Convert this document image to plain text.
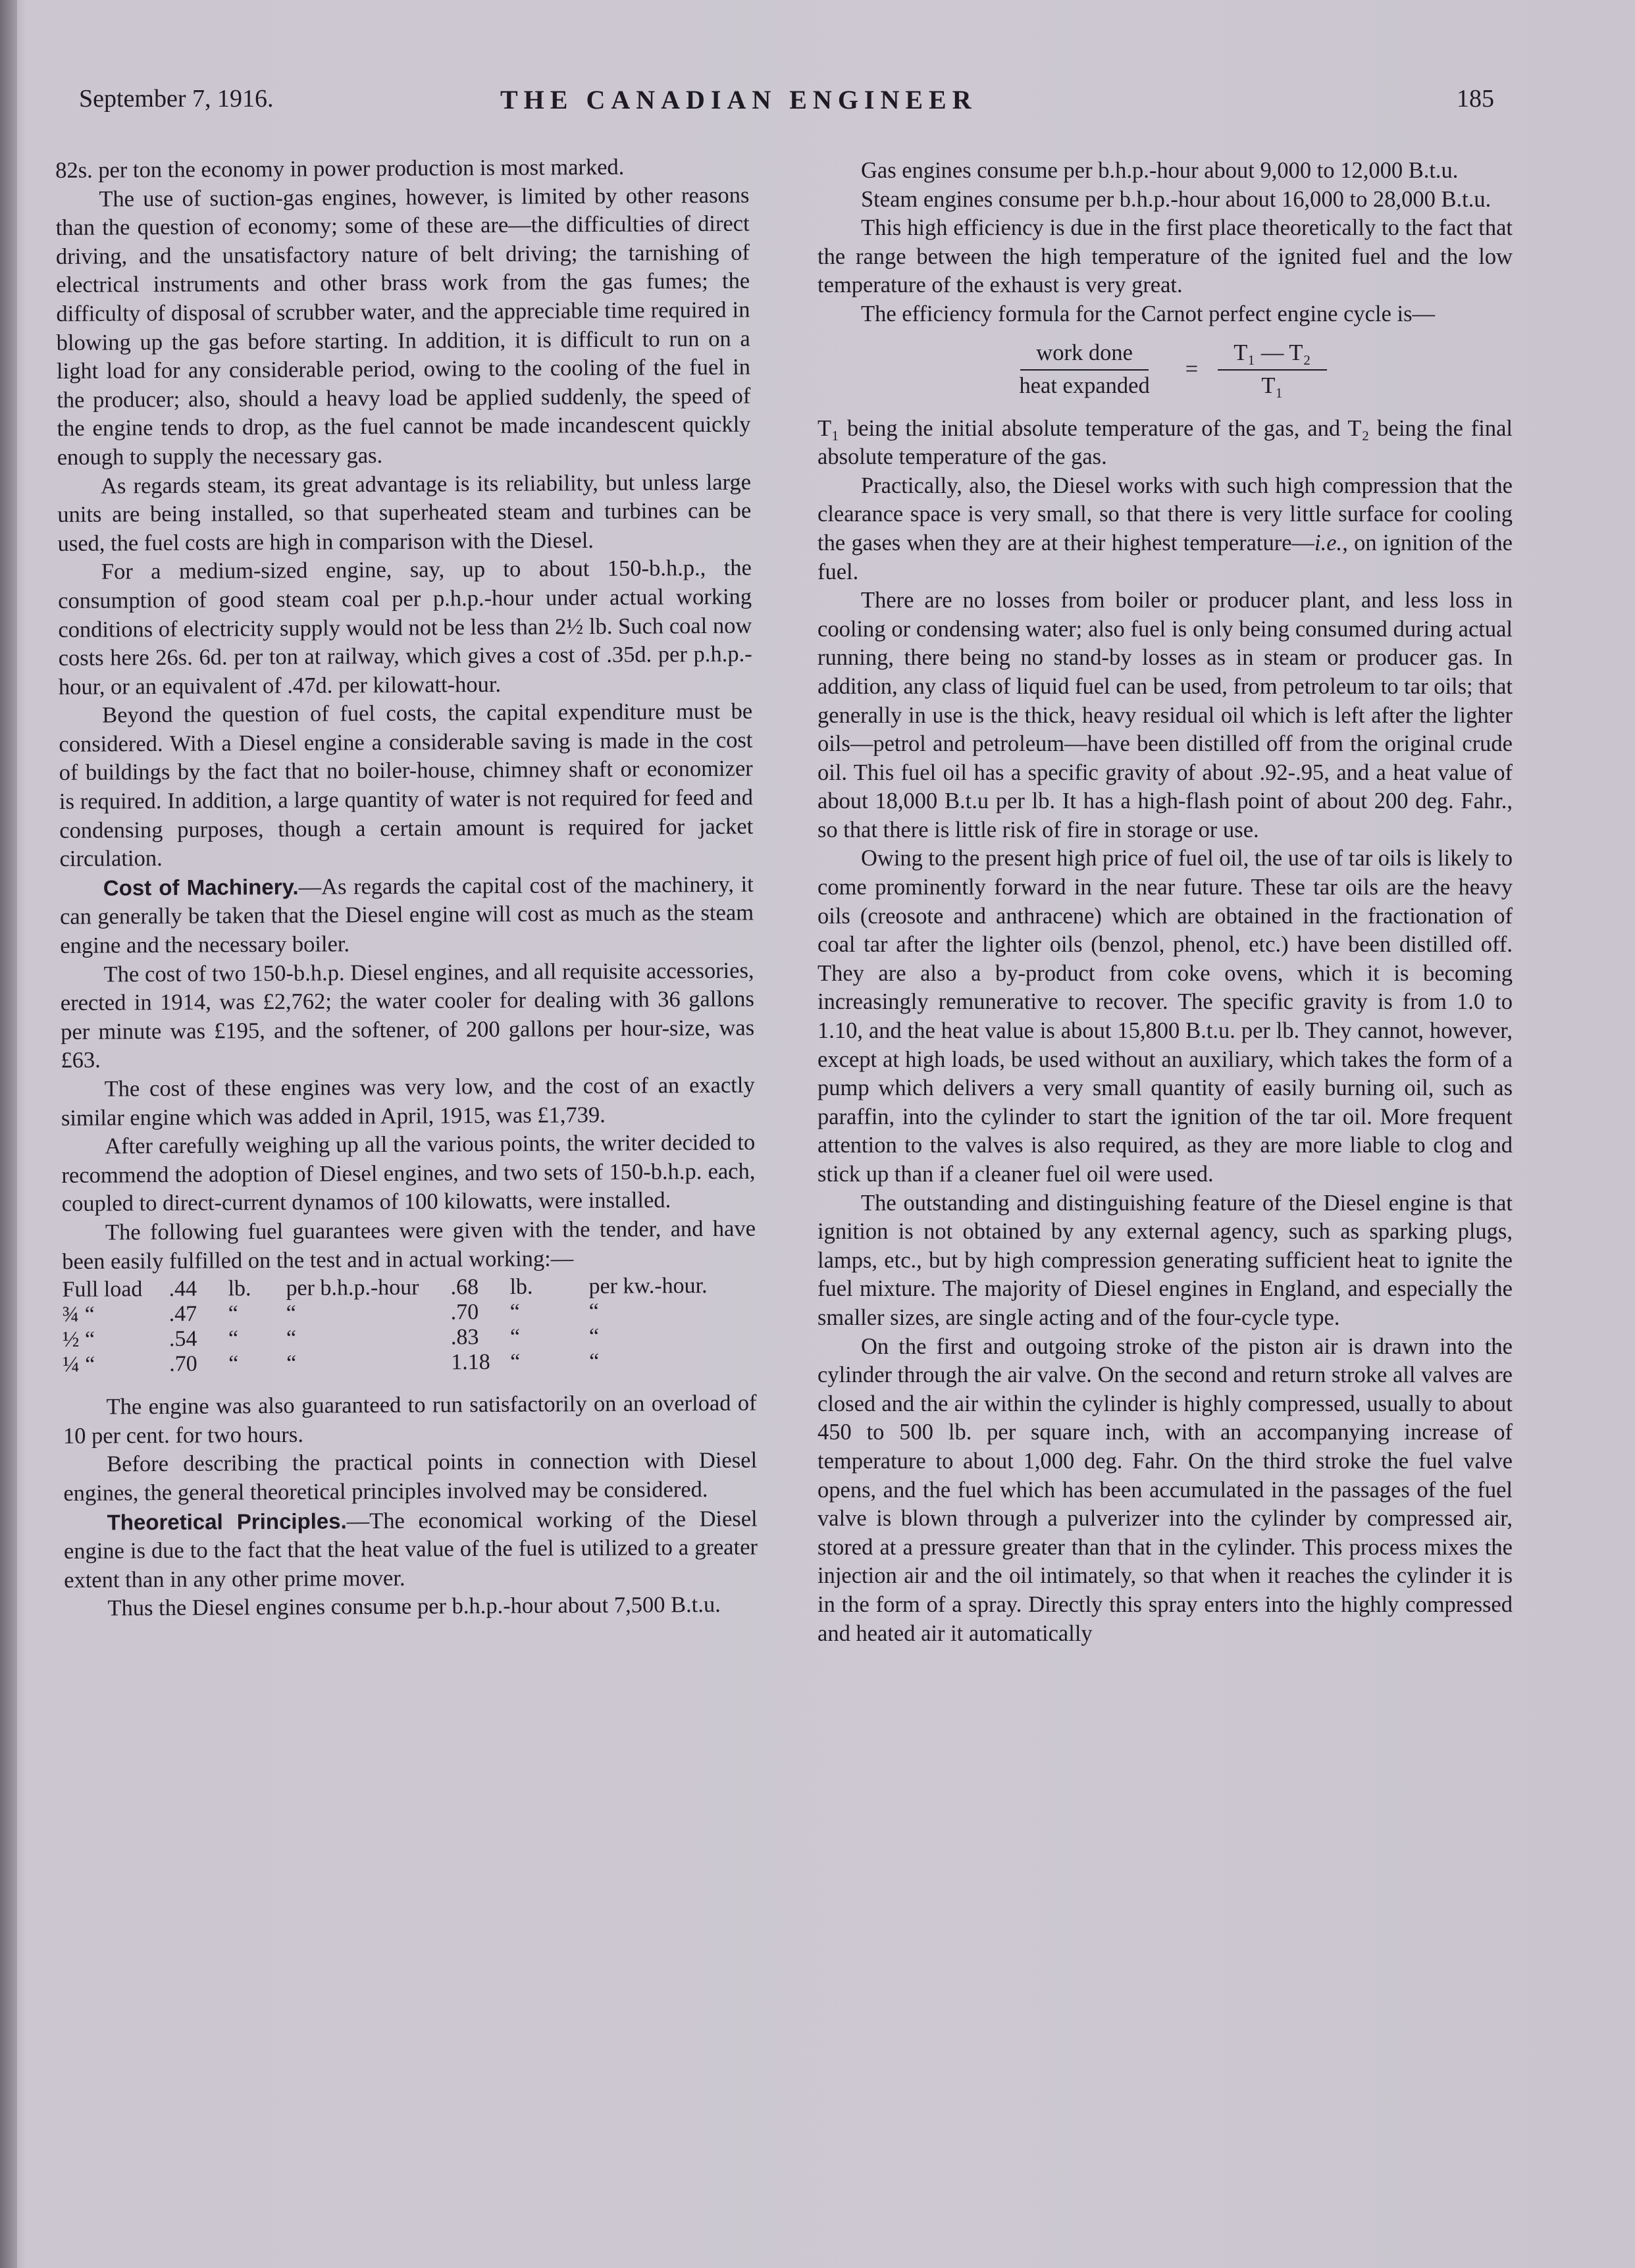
September 7, 1916.	THE CANADIAN ENGINEER	185

82s. per ton the economy in power production is most marked.

The use of suction-gas engines, however, is limited by other reasons than the question of economy; some of these are—the difficulties of direct driving, and the unsatisfactory nature of belt driving; the tarnishing of electrical instruments and other brass work from the gas fumes; the difficulty of disposal of scrubber water, and the appreciable time required in blowing up the gas before starting. In addition, it is difficult to run on a light load for any considerable period, owing to the cooling of the fuel in the producer; also, should a heavy load be applied suddenly, the speed of the engine tends to drop, as the fuel cannot be made incandescent quickly enough to supply the necessary gas.

As regards steam, its great advantage is its reliability, but unless large units are being installed, so that superheated steam and turbines can be used, the fuel costs are high in comparison with the Diesel.

For a medium-sized engine, say, up to about 150-b.h.p., the consumption of good steam coal per p.h.p.-hour under actual working conditions of electricity supply would not be less than 2½ lb. Such coal now costs here 26s. 6d. per ton at railway, which gives a cost of .35d. per p.h.p.-hour, or an equivalent of .47d. per kilowatt-hour.

Beyond the question of fuel costs, the capital expenditure must be considered. With a Diesel engine a considerable saving is made in the cost of buildings by the fact that no boiler-house, chimney shaft or economizer is required. In addition, a large quantity of water is not required for feed and condensing purposes, though a certain amount is required for jacket circulation.

Cost of Machinery.—As regards the capital cost of the machinery, it can generally be taken that the Diesel engine will cost as much as the steam engine and the necessary boiler.

The cost of two 150-b.h.p. Diesel engines, and all requisite accessories, erected in 1914, was £2,762; the water cooler for dealing with 36 gallons per minute was £195, and the softener, of 200 gallons per hour-size, was £63.

The cost of these engines was very low, and the cost of an exactly similar engine which was added in April, 1915, was £1,739.

After carefully weighing up all the various points, the writer decided to recommend the adoption of Diesel engines, and two sets of 150-b.h.p. each, coupled to direct-current dynamos of 100 kilowatts, were installed.

The following fuel guarantees were given with the tender, and have been easily fulfilled on the test and in actual working:—

Full load	.44	lb.	per b.h.p.-hour	.68	lb.	per kw.-hour.
¾ “	.47	“	“	.70	“	“
½ “	.54	“	“	.83	“	“
¼ “	.70	“	“	1.18	“	“

The engine was also guaranteed to run satisfactorily on an overload of 10 per cent. for two hours.

Before describing the practical points in connection with Diesel engines, the general theoretical principles involved may be considered.

Theoretical Principles.—The economical working of the Diesel engine is due to the fact that the heat value of the fuel is utilized to a greater extent than in any other prime mover.

Thus the Diesel engines consume per b.h.p.-hour about 7,500 B.t.u.

Gas engines consume per b.h.p.-hour about 9,000 to 12,000 B.t.u.

Steam engines consume per b.h.p.-hour about 16,000 to 28,000 B.t.u.

This high efficiency is due in the first place theoretically to the fact that the range between the high temperature of the ignited fuel and the low temperature of the exhaust is very great.

The efficiency formula for the Carnot perfect engine cycle is—

$\frac{\text{work done}}{\text{heat expanded}} = \frac{\text{T₁ — T₂}}{\text{T₁}}$

T₁ being the initial absolute temperature of the gas, and T₂ being the final absolute temperature of the gas.

Practically, also, the Diesel works with such high compression that the clearance space is very small, so that there is very little surface for cooling the gases when they are at their highest temperature—i.e., on ignition of the fuel.

There are no losses from boiler or producer plant, and less loss in cooling or condensing water; also fuel is only being consumed during actual running, there being no stand-by losses as in steam or producer gas. In addition, any class of liquid fuel can be used, from petroleum to tar oils; that generally in use is the thick, heavy residual oil which is left after the lighter oils—petrol and petroleum—have been distilled off from the original crude oil. This fuel oil has a specific gravity of about .92-.95, and a heat value of about 18,000 B.t.u per lb. It has a high-flash point of about 200 deg. Fahr., so that there is little risk of fire in storage or use.

Owing to the present high price of fuel oil, the use of tar oils is likely to come prominently forward in the near future. These tar oils are the heavy oils (creosote and anthracene) which are obtained in the fractionation of coal tar after the lighter oils (benzol, phenol, etc.) have been distilled off. They are also a by-product from coke ovens, which it is becoming increasingly remunerative to recover. The specific gravity is from 1.0 to 1.10, and the heat value is about 15,800 B.t.u. per lb. They cannot, however, except at high loads, be used without an auxiliary, which takes the form of a pump which delivers a very small quantity of easily burning oil, such as paraffin, into the cylinder to start the ignition of the tar oil. More frequent attention to the valves is also required, as they are more liable to clog and stick up than if a cleaner fuel oil were used.

The outstanding and distinguishing feature of the Diesel engine is that ignition is not obtained by any external agency, such as sparking plugs, lamps, etc., but by high compression generating sufficient heat to ignite the fuel mixture. The majority of Diesel engines in England, and especially the smaller sizes, are single acting and of the four-cycle type.

On the first and outgoing stroke of the piston air is drawn into the cylinder through the air valve. On the second and return stroke all valves are closed and the air within the cylinder is highly compressed, usually to about 450 to 500 lb. per square inch, with an accompanying increase of temperature to about 1,000 deg. Fahr. On the third stroke the fuel valve opens, and the fuel which has been accumulated in the passages of the fuel valve is blown through a pulverizer into the cylinder by compressed air, stored at a pressure greater than that in the cylinder. This process mixes the injection air and the oil intimately, so that when it reaches the cylinder it is in the form of a spray. Directly this spray enters into the highly compressed and heated air it automatically
